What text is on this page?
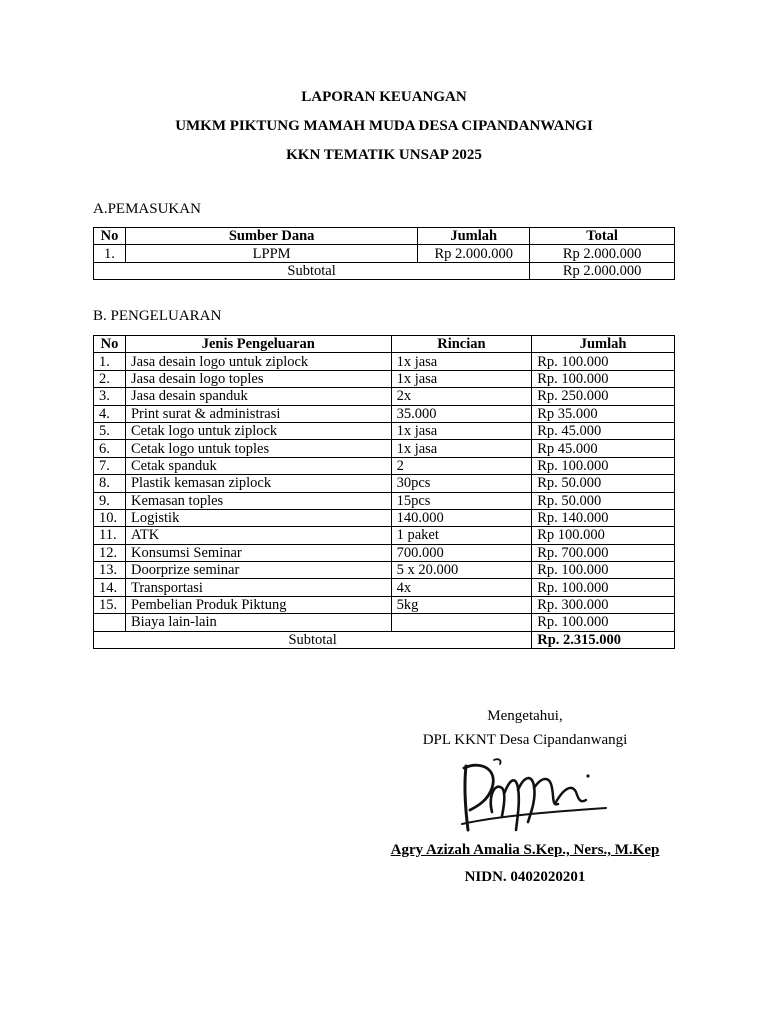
LAPORAN KEUANGAN
UMKM PIKTUNG MAMAH MUDA DESA CIPANDANWANGI
KKN TEMATIK UNSAP 2025
A.PEMASUKAN
No	Sumber Dana	Jumlah	Total
1.	LPPM	Rp 2.000.000	Rp 2.000.000
Subtotal			Rp 2.000.000
B. PENGELUARAN
No	Jenis Pengeluaran	Rincian	Jumlah
1.	Jasa desain logo untuk ziplock	1x jasa	Rp. 100.000
2.	Jasa desain logo toples	1x jasa	Rp. 100.000
3.	Jasa desain spanduk	2x	Rp. 250.000
4.	Print surat & administrasi	35.000	Rp 35.000
5.	Cetak logo untuk ziplock	1x jasa	Rp. 45.000
6.	Cetak logo untuk toples	1x jasa	Rp 45.000
7.	Cetak spanduk	2	Rp. 100.000
8.	Plastik kemasan ziplock	30pcs	Rp. 50.000
9.	Kemasan toples	15pcs	Rp. 50.000
10.	Logistik	140.000	Rp. 140.000
11.	ATK	1 paket	Rp 100.000
12.	Konsumsi Seminar	700.000	Rp. 700.000
13.	Doorprize seminar	5 x 20.000	Rp. 100.000
14.	Transportasi	4x	Rp. 100.000
15.	Pembelian Produk Piktung	5kg	Rp. 300.000
	Biaya lain-lain		Rp. 100.000
Subtotal			Rp. 2.315.000
Mengetahui,
DPL KKNT Desa Cipandanwangi
Agry Azizah Amalia S.Kep., Ners., M.Kep
NIDN. 0402020201
